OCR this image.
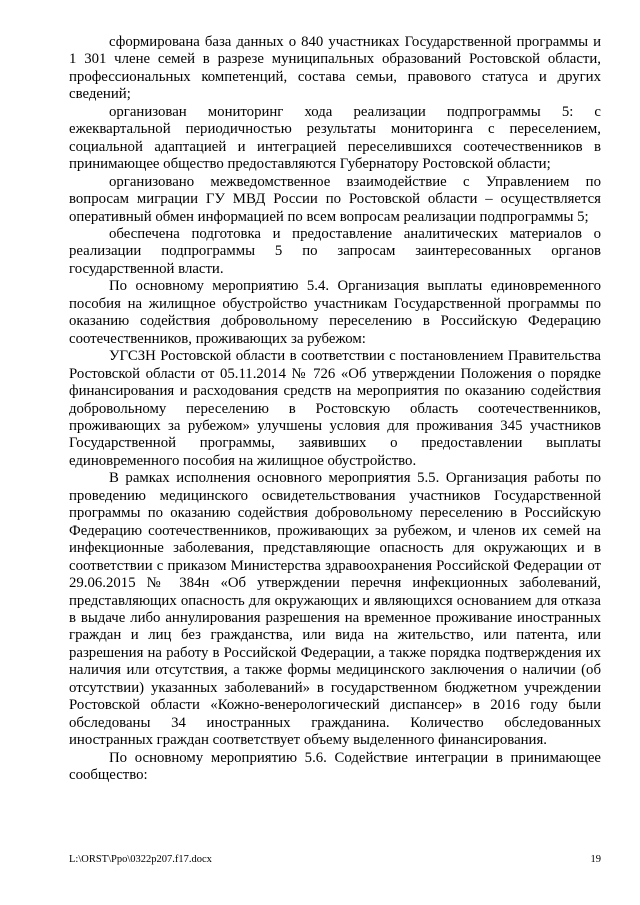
сформирована база данных о 840 участниках Государственной программы и 1 301 члене семей в разрезе муниципальных образований Ростовской области, профессиональных компетенций, состава семьи, правового статуса и других сведений;

организован мониторинг хода реализации подпрограммы 5: с ежеквартальной периодичностью результаты мониторинга с переселением, социальной адаптацией и интеграцией переселившихся соотечественников в принимающее общество предоставляются Губернатору Ростовской области;

организовано межведомственное взаимодействие с Управлением по вопросам миграции ГУ МВД России по Ростовской области – осуществляется оперативный обмен информацией по всем вопросам реализации подпрограммы 5;

обеспечена подготовка и предоставление аналитических материалов о реализации подпрограммы 5 по запросам заинтересованных органов государственной власти.

По основному мероприятию 5.4. Организация выплаты единовременного пособия на жилищное обустройство участникам Государственной программы по оказанию содействия добровольному переселению в Российскую Федерацию соотечественников, проживающих за рубежом:

УГСЗН Ростовской области в соответствии с постановлением Правительства Ростовской области от 05.11.2014 № 726 «Об утверждении Положения о порядке финансирования и расходования средств на мероприятия по оказанию содействия добровольному переселению в Ростовскую область соотечественников, проживающих за рубежом» улучшены условия для проживания 345 участников Государственной программы, заявивших о предоставлении выплаты единовременного пособия на жилищное обустройство.

В рамках исполнения основного мероприятия 5.5. Организация работы по проведению медицинского освидетельствования участников Государственной программы по оказанию содействия добровольному переселению в Российскую Федерацию соотечественников, проживающих за рубежом, и членов их семей на инфекционные заболевания, представляющие опасность для окружающих и в соответствии с приказом Министерства здравоохранения Российской Федерации от 29.06.2015 № 384н «Об утверждении перечня инфекционных заболеваний, представляющих опасность для окружающих и являющихся основанием для отказа в выдаче либо аннулирования разрешения на временное проживание иностранных граждан и лиц без гражданства, или вида на жительство, или патента, или разрешения на работу в Российской Федерации, а также порядка подтверждения их наличия или отсутствия, а также формы медицинского заключения о наличии (об отсутствии) указанных заболеваний» в государственном бюджетном учреждении Ростовской области «Кожно-венерологический диспансер» в 2016 году были обследованы 34 иностранных гражданина. Количество обследованных иностранных граждан соответствует объему выделенного финансирования.

По основному мероприятию 5.6. Содействие интеграции в принимающее сообщество:

L:\ORST\Ppo\0322p207.f17.docx	19
